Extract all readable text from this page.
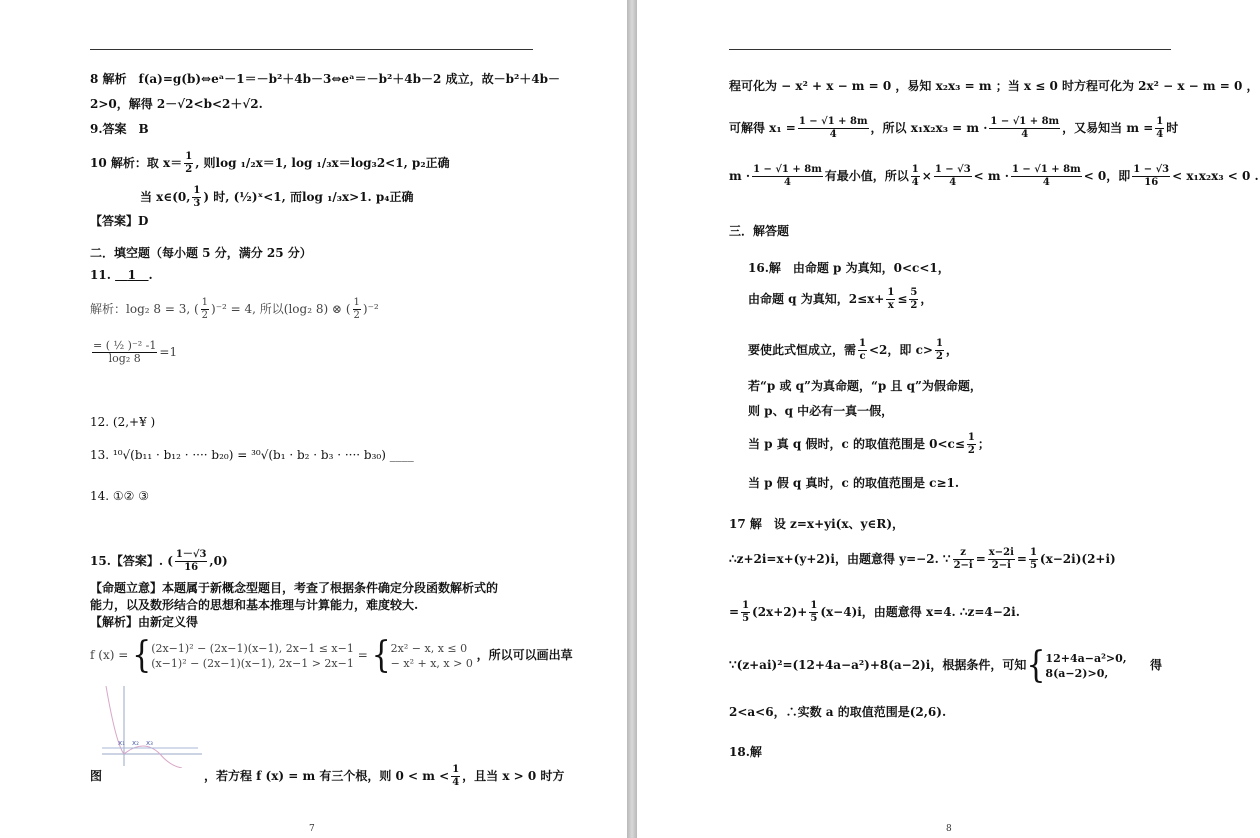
8 解析　f(a)=g(b)⇔eᵃ－1＝－b²＋4b－3⇔eᵃ＝－b²＋4b－2 成立，故－b²＋4b－
2>0，解得 2－√2<b<2＋√2.
9.答案　B
10 解析：取 $x= \frac{1}{2}$ , 则log ₁/₂x＝1, log ₁/₃x＝log₃2<1, p₂正确
当 x∈(0, $\frac{1}{3}$ ) 时, (½)ˣ<1, 而log ₁/₃x>1. p₄正确
【答案】D
二．填空题（每小题 5 分，满分 25 分）
11. 1 .
解析：log₂ 8 = 3, ( $\frac{1}{2} )^{-2} = 4$, 所以(log₂ 8) ⊗ ( $\frac{1}{2} )^{-2}$
$\frac{\text{= ( ½ )⁻² -1}}{\text{log₂ 8}} =1$
12. (2,+¥ )
13. ¹⁰√(b₁₁ · b₁₂ · ···· b₂₀) = ³⁰√(b₁ · b₂ · b₃ · ···· b₃₀) ____
14. ①② ③
15.【答案】. ( $\frac{1-√3}{16} ,0$)
【命题立意】本题属于新概念型题目，考查了根据条件确定分段函数解析式的
能力，以及数形结合的思想和基本推理与计算能力，难度较大.
【解析】由新定义得
f (x) = { (2x−1)² − (2x−1)(x−1), 2x−1 ≤ x−1
(x−1)² − (2x−1)(x−1), 2x−1 > 2x−1
= { 2x² − x, x ≤ 0
− x² + x, x > 0
，所以可以画出草
x₁ x₂ x₃
图	，若方程 f (x) = m 有三个根，则 $0 < m < \frac{1}{4}$ ，且当 x > 0 时方
7
程可化为 − x² + x − m = 0 ，易知 x₂x₃ = m ；当 x ≤ 0 时方程可化为 2x² − x − m = 0 ，
可解得 $x_1 = \frac{1 - √1 + 8m}{4}$ ，所以 $x_1x_2x_3 = m \cdot \frac{1 - √1 + 8m}{4}$ ，又易知当 $m = \frac{1}{4}$ 时
$m \cdot \frac{1 - √1 + 8m}{4}$ 有最小值，所以 $\frac{1}{4} \times \frac{1 - √3}{4} < m \cdot \frac{1 - √1 + 8m}{4} < 0$，即 $\frac{1 - √3}{16} < x_1x_2x_3 < 0$ .
三．解答题
16.解　由命题 p 为真知，0<c<1，
由命题 q 为真知，$2\le x+ \frac{1}{x} \le \frac{5}{2}$ ，
要使此式恒成立，需 $\frac{1}{c} <2$，即 $c> \frac{1}{2}$ ，
若“p 或 q”为真命题，“p 且 q”为假命题，
则 p、q 中必有一真一假，
当 p 真 q 假时，c 的取值范围是 $0<c\le \frac{1}{2}$ ；
当 p 假 q 真时，c 的取值范围是 c≥1.
17 解　设 z=x+yi(x、y∈R)，
∴z+2i=x+(y+2)i，由题意得 y=−2. ∵ $\frac{z}{2-i} = \frac{x-2i}{2-i} = \frac{1}{5} (x-2i)(2+i)$
= $\frac{1}{5} (2x+2)+ \frac{1}{5} (x-4)i$，由题意得 x=4. ∴z=4−2i.
∵(z+ai)²=(12+4a−a²)+8(a−2)i，根据条件，可知{ 12+4a−a²>0,
8(a−2)>0,
得
2<a<6，∴实数 a 的取值范围是(2,6).
18.解
8
